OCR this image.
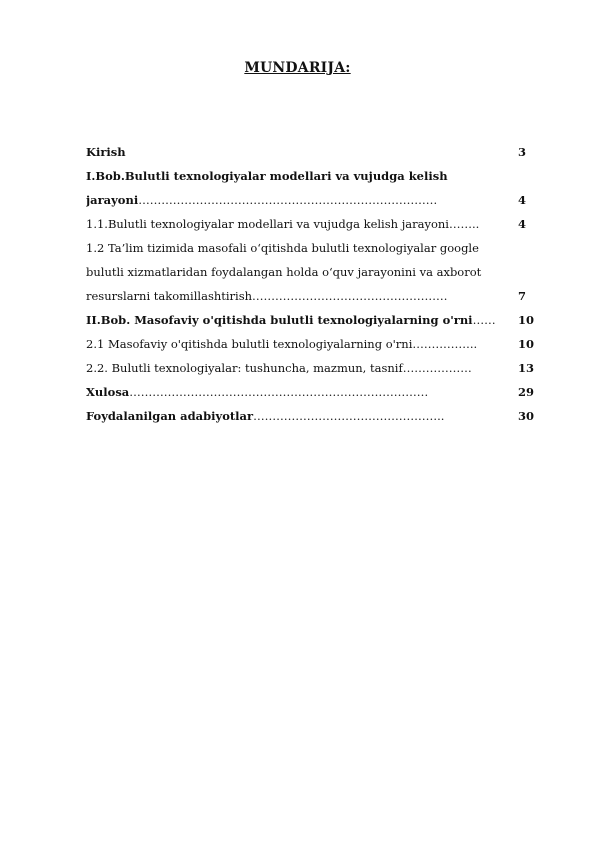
MUNDARIJA:
Kirish	3
I.Bob.Bulutli texnologiyalar modellari va vujudga kelish
jarayoni……………………………………………………………………	4
1.1.Bulutli texnologiyalar modellari va vujudga kelish jarayoni……..	4
1.2 Ta’lim tizimida masofali o‘qitishda bulutli texnologiyalar google
bulutli xizmatlaridan foydalangan holda o‘quv jarayonini va axborot
resurslarni takomillashtirish……………………………………………	7
II.Bob. Masofaviy o'qitishda bulutli texnologiyalarning o'rni……	10
2.1 Masofaviy o'qitishda bulutli texnologiyalarning o'rni……………..	10
2.2. Bulutli texnologiyalar: tushuncha, mazmun, tasnif………………	13
Xulosa……………………………………………………………………	29
Foydalanilgan adabiyotlar…………………………………………..	30
